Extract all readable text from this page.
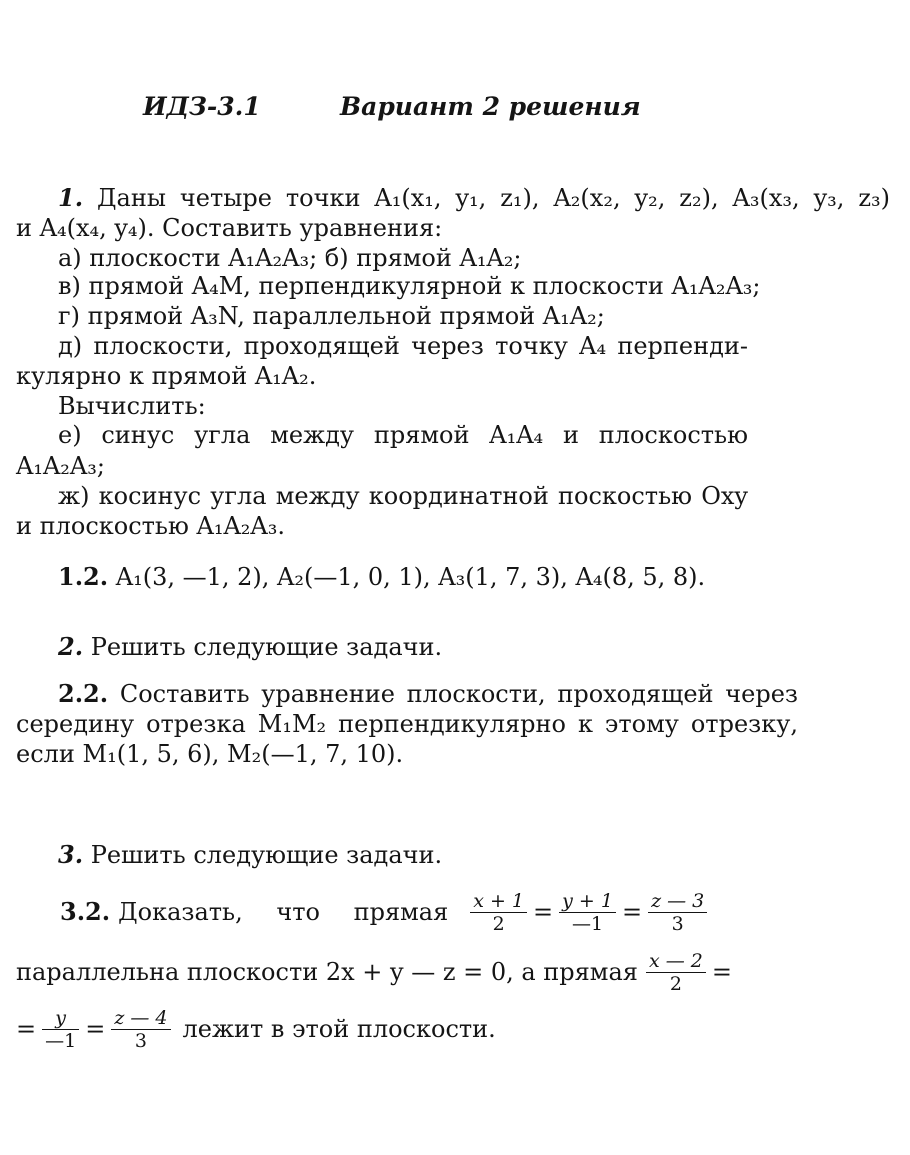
ИДЗ-3.1	Вариант 2 решения
1. Даны четыре точки A₁(x₁, y₁, z₁), A₂(x₂, y₂, z₂), A₃(x₃, y₃, z₃)
и A₄(x₄, y₄). Составить уравнения:
а) плоскости A₁A₂A₃; б) прямой A₁A₂;
в) прямой A₄M, перпендикулярной к плоскости A₁A₂A₃;
г) прямой A₃N, параллельной прямой A₁A₂;
д) плоскости, проходящей через точку A₄ перпенди-
кулярно к прямой A₁A₂.
Вычислить:
е) синус угла между прямой A₁A₄ и плоскостью
A₁A₂A₃;
ж) косинус угла между координатной поскостью Oxy
и плоскостью A₁A₂A₃.
1.2. A₁(3, —1, 2), A₂(—1, 0, 1), A₃(1, 7, 3), A₄(8, 5, 8).
2. Решить следующие задачи.
2.2. Составить уравнение плоскости, проходящей через
середину отрезка M₁M₂ перпендикулярно к этому отрезку,
если M₁(1, 5, 6), M₂(—1, 7, 10).
3. Решить следующие задачи.
3.2. Доказать, что прямая $\frac{x + 1}{2} = \frac{y + 1}{—1} = \frac{z — 3}{3}$
параллельна плоскости 2x + y — z = 0, а прямая $\frac{x — 2}{2}$ =
= $\frac{y}{—1} = \frac{z — 4}{3}$ лежит в этой плоскости.
